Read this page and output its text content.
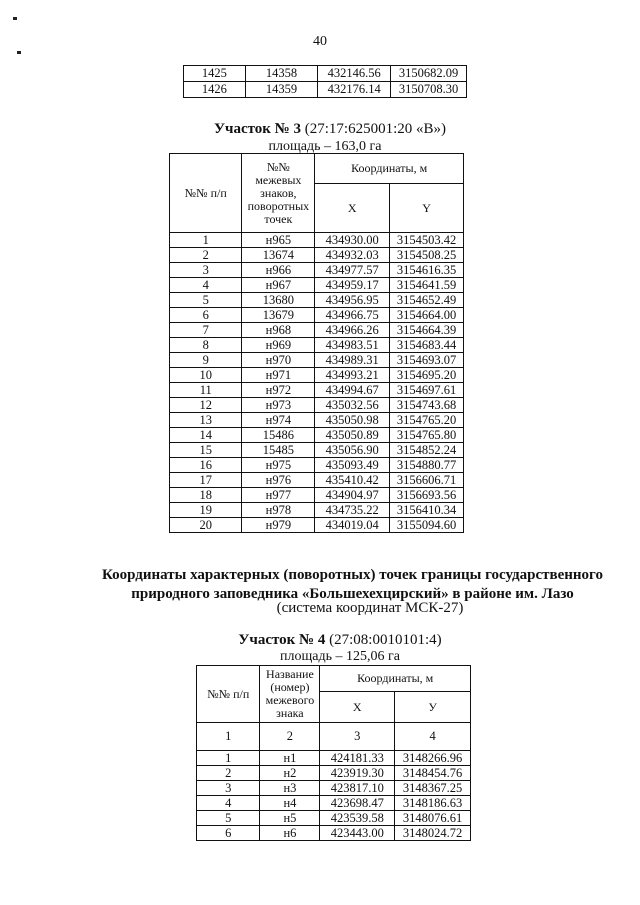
40
1425	14358	432146.56	3150682.09
1426	14359	432176.14	3150708.30
Участок № 3 (27:17:625001:20 «В»)
площадь – 163,0 га
№№ п/п	№№ межевых знаков, поворотных точек	Координаты, м	
		X	Y
1	н965	434930.00	3154503.42
2	13674	434932.03	3154508.25
3	н966	434977.57	3154616.35
4	н967	434959.17	3154641.59
5	13680	434956.95	3154652.49
6	13679	434966.75	3154664.00
7	н968	434966.26	3154664.39
8	н969	434983.51	3154683.44
9	н970	434989.31	3154693.07
10	н971	434993.21	3154695.20
11	н972	434994.67	3154697.61
12	н973	435032.56	3154743.68
13	н974	435050.98	3154765.20
14	15486	435050.89	3154765.80
15	15485	435056.90	3154852.24
16	н975	435093.49	3154880.77
17	н976	435410.42	3156606.71
18	н977	434904.97	3156693.56
19	н978	434735.22	3156410.34
20	н979	434019.04	3155094.60
Координаты характерных (поворотных) точек границы государственного
природного заповедника «Большехехцирский» в районе им. Лазо
(система координат МСК-27)
Участок № 4 (27:08:0010101:4)
площадь – 125,06 га
№№ п/п	Название (номер) межевого знака	Координаты, м	
		X	У
1	2	3	4
1	н1	424181.33	3148266.96
2	н2	423919.30	3148454.76
3	н3	423817.10	3148367.25
4	н4	423698.47	3148186.63
5	н5	423539.58	3148076.61
6	н6	423443.00	3148024.72
